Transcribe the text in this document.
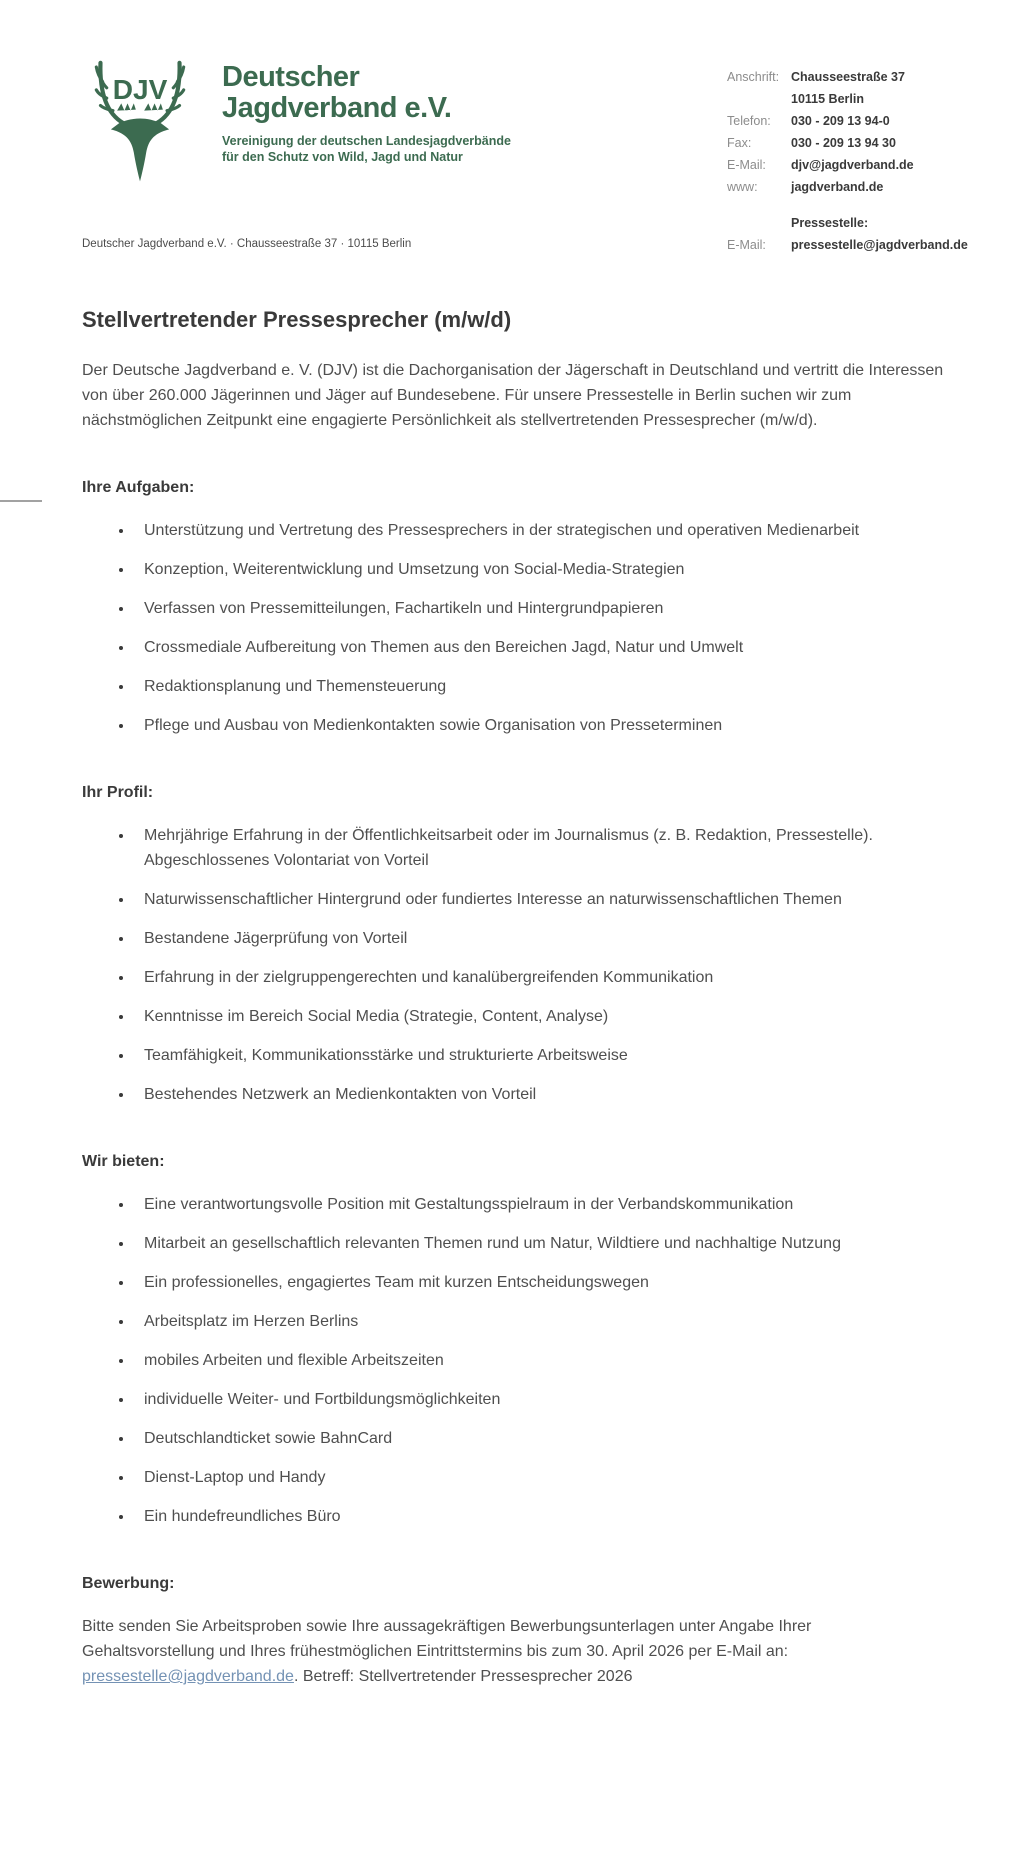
DJV Deutscher
Jagdverband e.V.
Vereinigung der deutschen Landesjagdverbände
für den Schutz von Wild, Jagd und Natur
Anschrift: Chausseestraße 37
10115 Berlin
Telefon:	030 - 209 13 94-0
Fax:	030 - 209 13 94 30
E-Mail:	djv@jagdverband.de
www:	jagdverband.de
Pressestelle:
E-Mail:	pressestelle@jagdverband.de
Deutscher Jagdverband e.V. · Chausseestraße 37 · 10115 Berlin
Stellvertretender Pressesprecher (m/w/d)

Der Deutsche Jagdverband e. V. (DJV) ist die Dachorganisation der Jägerschaft in Deutschland und vertritt die Interessen von über 260.000 Jägerinnen und Jäger auf Bundesebene. Für unsere Pressestelle in Berlin suchen wir zum nächstmöglichen Zeitpunkt eine engagierte Persönlichkeit als stellvertretenden Pressesprecher (m/w/d).

Ihre Aufgaben:
• Unterstützung und Vertretung des Pressesprechers in der strategischen und operativen Medienarbeit
• Konzeption, Weiterentwicklung und Umsetzung von Social-Media-Strategien
• Verfassen von Pressemitteilungen, Fachartikeln und Hintergrundpapieren
• Crossmediale Aufbereitung von Themen aus den Bereichen Jagd, Natur und Umwelt
• Redaktionsplanung und Themensteuerung
• Pflege und Ausbau von Medienkontakten sowie Organisation von Presseterminen
Ihr Profil:
• Mehrjährige Erfahrung in der Öffentlichkeitsarbeit oder im Journalismus (z. B. Redaktion, Pressestelle). Abgeschlossenes Volontariat von Vorteil
• Naturwissenschaftlicher Hintergrund oder fundiertes Interesse an naturwissenschaftlichen Themen
• Bestandene Jägerprüfung von Vorteil
• Erfahrung in der zielgruppengerechten und kanalübergreifenden Kommunikation
• Kenntnisse im Bereich Social Media (Strategie, Content, Analyse)
• Teamfähigkeit, Kommunikationsstärke und strukturierte Arbeitsweise
• Bestehendes Netzwerk an Medienkontakten von Vorteil
Wir bieten:
• Eine verantwortungsvolle Position mit Gestaltungsspielraum in der Verbandskommunikation
• Mitarbeit an gesellschaftlich relevanten Themen rund um Natur, Wildtiere und nachhaltige Nutzung
• Ein professionelles, engagiertes Team mit kurzen Entscheidungswegen
• Arbeitsplatz im Herzen Berlins
• mobiles Arbeiten und flexible Arbeitszeiten
• individuelle Weiter- und Fortbildungsmöglichkeiten
• Deutschlandticket sowie BahnCard
• Dienst-Laptop und Handy
• Ein hundefreundliches Büro
Bewerbung:

Bitte senden Sie Arbeitsproben sowie Ihre aussagekräftigen Bewerbungsunterlagen unter Angabe Ihrer Gehaltsvorstellung und Ihres frühestmöglichen Eintrittstermins bis zum 30. April 2026 per E-Mail an: pressestelle@jagdverband.de. Betreff: Stellvertretender Pressesprecher 2026
